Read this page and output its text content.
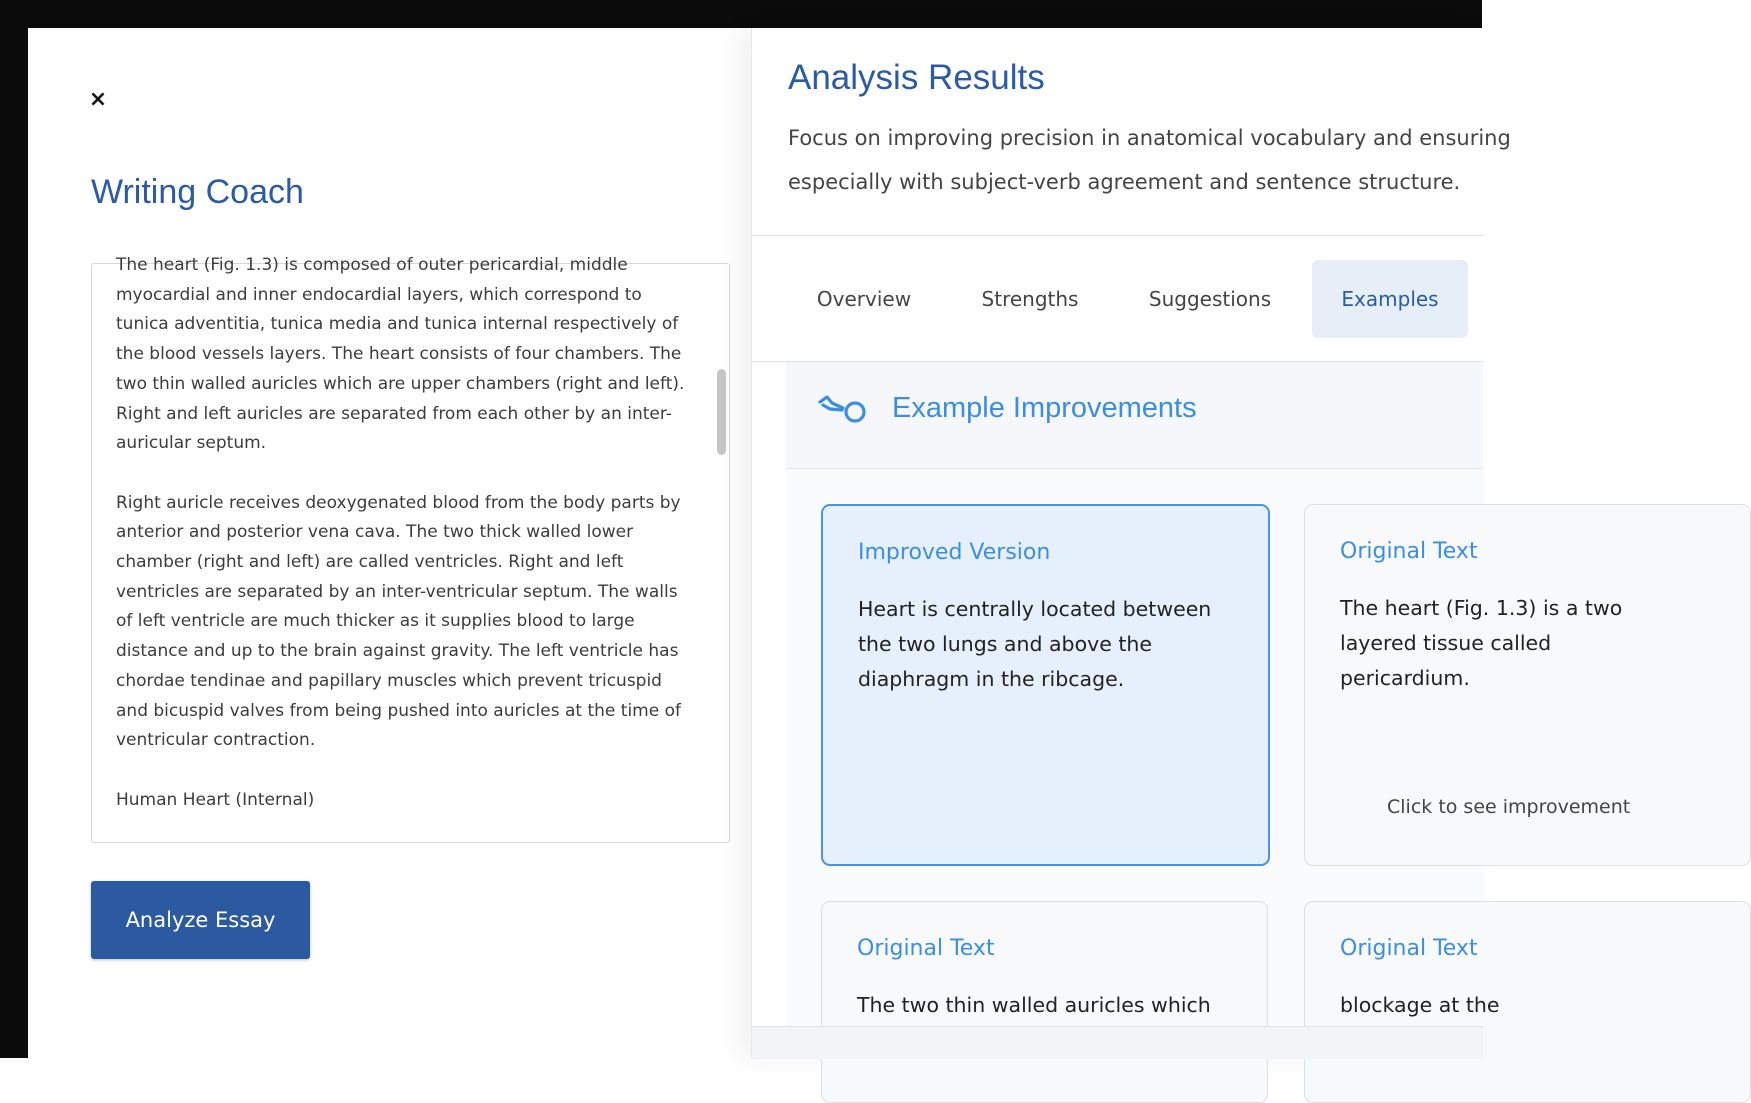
×
Writing Coach

The heart (Fig. 1.3) is composed of outer pericardial, middle myocardial and inner endocardial layers, which correspond to tunica adventitia, tunica media and tunica internal respectively of the blood vessels layers. The heart consists of four chambers. The two thin walled auricles which are upper chambers (right and left). Right and left auricles are separated from each other by an inter-auricular septum.

Right auricle receives deoxygenated blood from the body parts by anterior and posterior vena cava. The two thick walled lower chamber (right and left) are called ventricles. Right and left ventricles are separated by an inter-ventricular septum. The walls of left ventricle are much thicker as it supplies blood to large distance and up to the brain against gravity. The left ventricle has chordae tendinae and papillary muscles which prevent tricuspid and bicuspid valves from being pushed into auricles at the time of ventricular contraction.

Human Heart (Internal)

Analyze Essay
Analysis Results
Focus on improving precision in anatomical vocabulary and ensuring
especially with subject-verb agreement and sentence structure.
Overview	Strengths	Suggestions	Examples
Example Improvements
Improved Version
Heart is centrally located between the two lungs and above the diaphragm in the ribcage.
Original Text
The heart (Fig. 1.3) is a two layered tissue called pericardium.
Click to see improvement
Original Text
The two thin walled auricles which
Original Text
blockage at the
